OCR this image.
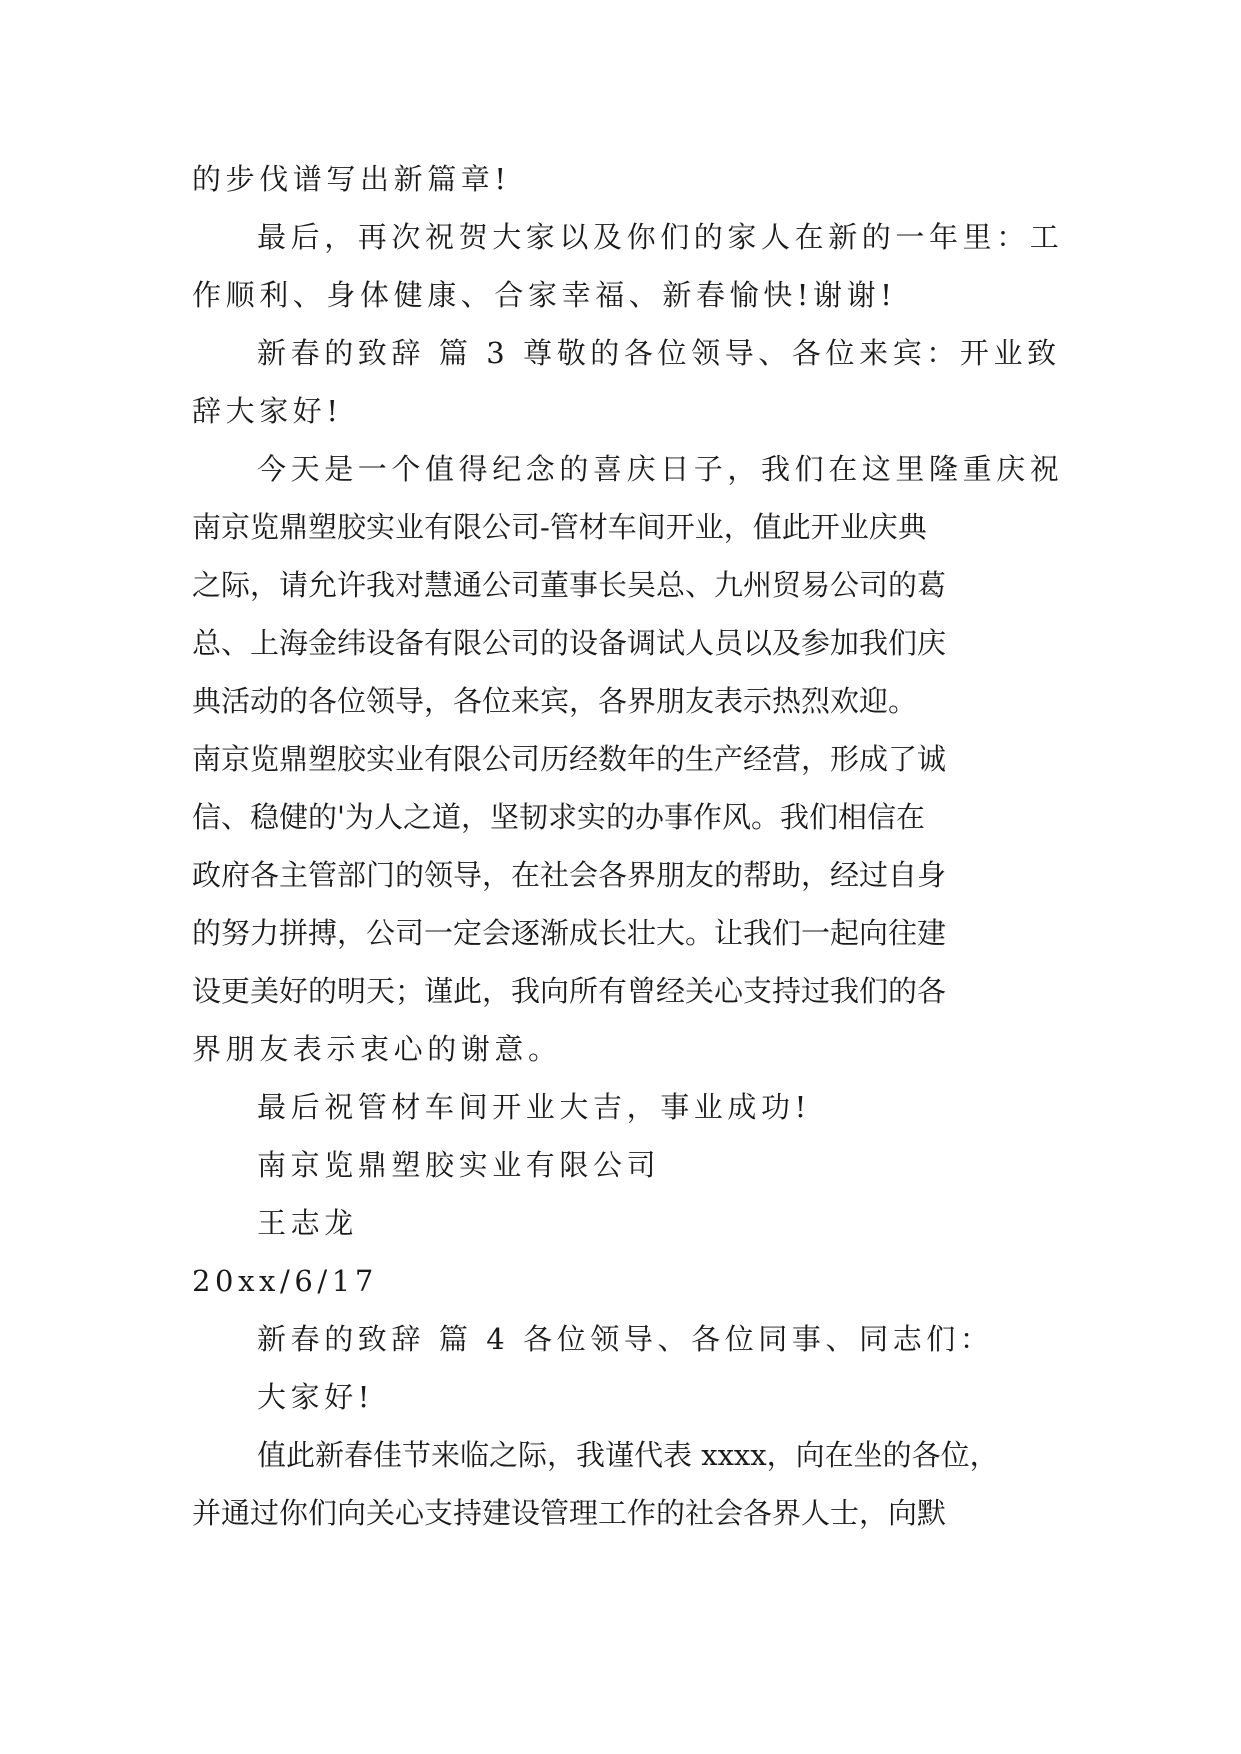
的步伐谱写出新篇章!
最后，再次祝贺大家以及你们的家人在新的一年里：工
作顺利、身体健康、合家幸福、新春愉快!谢谢!
新春的致辞 篇 3 尊敬的各位领导、各位来宾：开业致
辞大家好!
今天是一个值得纪念的喜庆日子，我们在这里隆重庆祝
南京览鼎塑胶实业有限公司-管材车间开业，值此开业庆典
之际，请允许我对慧通公司董事长吴总、九州贸易公司的葛
总、上海金纬设备有限公司的设备调试人员以及参加我们庆
典活动的各位领导，各位来宾，各界朋友表示热烈欢迎。
南京览鼎塑胶实业有限公司历经数年的生产经营，形成了诚
信、稳健的'为人之道，坚韧求实的办事作风。我们相信在
政府各主管部门的领导，在社会各界朋友的帮助，经过自身
的努力拼搏，公司一定会逐渐成长壮大。让我们一起向往建
设更美好的明天；谨此，我向所有曾经关心支持过我们的各
界朋友表示衷心的谢意。
最后祝管材车间开业大吉，事业成功!
南京览鼎塑胶实业有限公司
王志龙
20xx/6/17
新春的致辞 篇 4 各位领导、各位同事、同志们：
大家好!
值此新春佳节来临之际，我谨代表 xxxx，向在坐的各位，
并通过你们向关心支持建设管理工作的社会各界人士，向默
